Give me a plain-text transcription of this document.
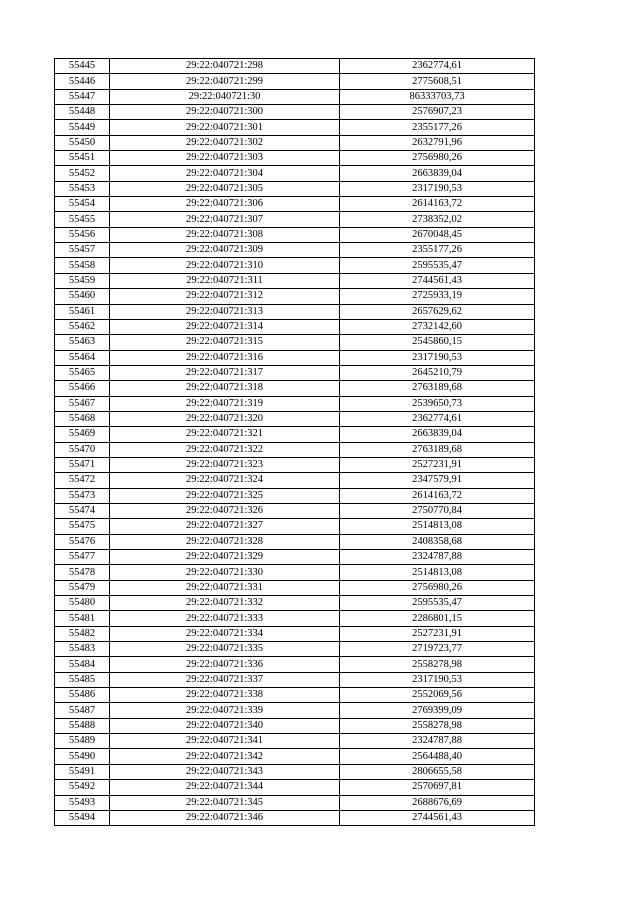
55445	29:22:040721:298	2362774,61
55446	29:22:040721:299	2775608,51
55447	29:22:040721:30	86333703,73
55448	29:22:040721:300	2576907,23
55449	29:22:040721:301	2355177,26
55450	29:22:040721:302	2632791,96
55451	29:22:040721:303	2756980,26
55452	29:22:040721:304	2663839,04
55453	29:22:040721:305	2317190,53
55454	29:22:040721:306	2614163,72
55455	29:22:040721:307	2738352,02
55456	29:22:040721:308	2670048,45
55457	29:22:040721:309	2355177,26
55458	29:22:040721:310	2595535,47
55459	29:22:040721:311	2744561,43
55460	29:22:040721:312	2725933,19
55461	29:22:040721:313	2657629,62
55462	29:22:040721:314	2732142,60
55463	29:22:040721:315	2545860,15
55464	29:22:040721:316	2317190,53
55465	29:22:040721:317	2645210,79
55466	29:22:040721:318	2763189,68
55467	29:22:040721:319	2539650,73
55468	29:22:040721:320	2362774,61
55469	29:22:040721:321	2663839,04
55470	29:22:040721:322	2763189,68
55471	29:22:040721:323	2527231,91
55472	29:22:040721:324	2347579,91
55473	29:22:040721:325	2614163,72
55474	29:22:040721:326	2750770,84
55475	29:22:040721:327	2514813,08
55476	29:22:040721:328	2408358,68
55477	29:22:040721:329	2324787,88
55478	29:22:040721:330	2514813,08
55479	29:22:040721:331	2756980,26
55480	29:22:040721:332	2595535,47
55481	29:22:040721:333	2286801,15
55482	29:22:040721:334	2527231,91
55483	29:22:040721:335	2719723,77
55484	29:22:040721:336	2558278,98
55485	29:22:040721:337	2317190,53
55486	29:22:040721:338	2552069,56
55487	29:22:040721:339	2769399,09
55488	29:22:040721:340	2558278,98
55489	29:22:040721:341	2324787,88
55490	29:22:040721:342	2564488,40
55491	29:22:040721:343	2806655,58
55492	29:22:040721:344	2570697,81
55493	29:22:040721:345	2688676,69
55494	29:22:040721:346	2744561,43
